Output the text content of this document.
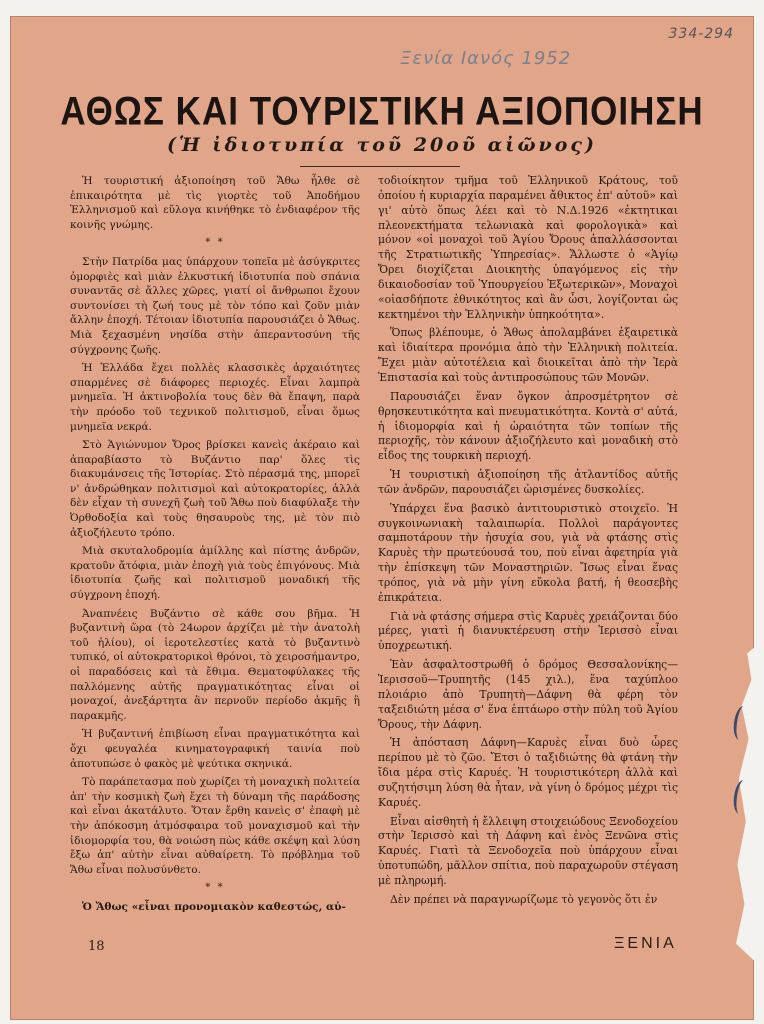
334-294
Ξενία Ιανός 1952
ΑΘΩΣ ΚΑΙ ΤΟΥΡΙΣΤΙΚΗ ΑΞΙΟΠΟΙΗΣΗ
(Ἡ ἰδιοτυπία τοῦ 20οῦ αἰῶνος)

Ἡ τουριστική ἀξιοποίηση τοῦ Ἄθω ἦλθε σὲ ἐπικαιρότητα μὲ τὶς γιορτὲς τοῦ Ἀποδήμου Ἑλληνισμοῦ καὶ εὔλογα κινήθηκε τὸ ἐνδιαφέρον τῆς κοινῆς γνώμης.

* *

Στὴν Πατρίδα μας ὑπάρχουν τοπεῖα μὲ ἀσύγκριτες ὀμορφιὲς καὶ μιὰν ἑλκυστική ἰδιοτυπία ποὺ σπάνια συναντᾶς σὲ ἄλλες χῶρες, γιατί οἱ ἄνθρωποι ἔχουν συντονίσει τὴ ζωή τους μὲ τὸν τόπο καὶ ζοῦν μιὰν ἄλλην ἐποχή. Τέτοιαν ἰδιοτυπία παρουσιάζει ὁ Ἄθως. Μιὰ ξεχασμένη νησίδα στὴν ἀπεραντοσύνη τῆς σύγχρονης ζωῆς.

Ἡ Ἑλλάδα ἔχει πολλὲς κλασσικὲς ἀρχαιότητες σπαρμένες σὲ διάφορες περιοχές. Εἶναι λαμπρὰ μνημεῖα. Ἡ ἀκτινοβολία τους δὲν θὰ ἔπαψη, παρὰ τὴν πρόοδο τοῦ τεχνικοῦ πολιτισμοῦ, εἶναι ὅμως μνημεῖα νεκρά.

Στὸ Ἁγιώνυμον Ὄρος βρίσκει κανεὶς ἀκέραιο καὶ ἀπαραβίαστο τὸ Βυζάντιο παρ' ὅλες τὶς διακυμάνσεις τῆς Ἱστορίας. Στὸ πέρασμά της, μπορεῖ ν' ἀνδρώθηκαν πολιτισμοὶ καὶ αὐτοκρατορίες, ἀλλὰ δὲν εἶχαν τὴ συνεχῆ ζωὴ τοῦ Ἄθω ποὺ διαφύλαξε τὴν Ὀρθοδοξία καὶ τοὺς θησαυροὺς της, μὲ τὸν πιὸ ἀξιοζήλευτο τρόπο.

Μιὰ σκυταλοδρομία ἁμίλλης καὶ πίστης ἀνδρῶν, κρατοῦν ἄτόφια, μιὰν ἐποχὴ γιὰ τοὺς ἐπιγόνους. Μιὰ ἰδιοτυπία ζωῆς καὶ πολιτισμοῦ μοναδική τῆς σύγχρονη ἐποχή.

Ἀναπνέεις Βυζάντιο σὲ κάθε σου βῆμα. Ἡ βυζαντινὴ ὥρα (τὸ 24ωρον ἀρχίζει μὲ τὴν ἀνατολὴ τοῦ ἡλίου), οἱ ἱεροτελεστίες κατὰ τὸ βυζαντινὸ τυπικό, οἱ αὐτοκρατορικοὶ θρόνοι, τὸ χειροσήμαντρο, οἱ παραδόσεις καὶ τὰ ἔθιμα. Θεματοφύλακες τῆς παλλόμενης αὐτῆς πραγματικότητας εἶναι οἱ μοναχοί, ἀνεξάρτητα ἂν περνοῦν περίοδο ἀκμῆς ἢ παρακμῆς.

Ἡ βυζαντινή ἐπιβίωση εἶναι πραγματικότητα καὶ ὄχι φευγαλέα κινηματογραφική ταινία ποὺ ἀποτυπώσε ὁ φακὸς μὲ ψεύτικα σκηνικά.

Τὸ παράπετασμα ποὺ χωρίζει τὴ μοναχικὴ πολιτεία ἀπ' τὴν κοσμικὴ ζωὴ ἔχει τὴ δύναμη τῆς παράδοσης καὶ εἶναι ἀκατάλυτο. Ὅταν ἔρθη κανεὶς σ' ἐπαφὴ μὲ τὴν ἀπόκοσμη ἀτμόσφαιρα τοῦ μοναχισμοῦ καὶ τὴν ἰδιομορφία του, θὰ νοιώση πὼς κάθε σκέψη καὶ λύση ἔξω ἀπ' αὐτὴν εἶναι αὐθαίρετη. Τὸ πρόβλημα τοῦ Ἄθω εἶναι πολυσύνθετο.

* *

Ὁ Ἄθως «εἶναι προνομιακὸν καθεστώς, αὐ-

τοδιοίκητον τμῆμα τοῦ Ἑλληνικοῦ Κράτους, τοῦ ὁποίου ἡ κυριαρχία παραμένει ἄθικτος ἐπ' αὐτοῦ» καὶ γι' αὐτὸ ὅπως λέει καὶ τὸ Ν.Δ.1926 «ἐκτητικαι πλεονεκτήματα τελωνιακὰ καὶ φορολογικὰ» καὶ μόνον «οἱ μοναχοὶ τοῦ Ἁγίου Ὄρους ἀπαλλάσσονται τῆς Στρατιωτικῆς Ὑπηρεσίας». Ἄλλωστε ὁ «Ἁγίῳ Ὄρει διοχίζεται Διοικητὴς ὑπαγόμενος εἰς τὴν δικαιοδοσίαν τοῦ Ὑπουργείου Ἐξωτερικῶν», Μοναχοὶ «οἱασδήποτε ἐθνικότητος καὶ ἂν ὦσι, λογίζονται ὡς κεκτημένοι τὴν Ἑλληνικὴν ὑπηκοότητα».

Ὅπως βλέπουμε, ὁ Ἄθως ἀπολαμβάνει ἐξαιρετικὰ καὶ ἰδιαίτερα προνόμια ἀπὸ τὴν Ἑλληνικὴ πολιτεία. Ἔχει μιὰν αὐτοτέλεια καὶ διοικεῖται ἀπὸ τὴν Ἱερὰ Ἐπιστασία καὶ τοὺς ἀντιπροσώπους τῶν Μονῶν.

Παρουσιάζει ἕναν ὄγκον ἀπροσμέτρητον σὲ θρησκευτικότητα καὶ πνευματικότητα. Κοντὰ σ' αὐτά, ἡ ἰδιομορφία καὶ ἡ ὡραιότητα τῶν τοπίων τῆς περιοχῆς, τὸν κάνουν ἀξιοζήλευτο καὶ μοναδικὴ στὸ εἶδος της τουρκικὴ περιοχή.

Ἡ τουριστικὴ ἀξιοποίηση τῆς ἀτλαντίδος αὐτῆς τῶν ἀνδρῶν, παρουσιάζει ὡρισμένες δυσκολίες.

Ὑπάρχει ἕνα βασικὸ ἀντιτουριστικὸ στοιχεῖο. Ἡ συγκοινωνιακὴ ταλαιπωρία. Πολλοὶ παράγοντες σαμποτάρουν τὴν ἡσυχία σου, γιὰ νὰ φτάσης στὶς Καρυὲς τὴν πρωτεύουσά του, ποὺ εἶναι ἀφετηρία γιὰ τὴν ἐπίσκεψη τῶν Μοναστηριῶν. Ἴσως εἶναι ἕνας τρόπος, γιὰ νὰ μὴν γίνη εὔκολα βατή, ἡ θεοσεβὴς ἐπικράτεια.

Γιὰ νὰ φτάσης σήμερα στὶς Καρυὲς χρειάζονται δύο μέρες, γιατὶ ἡ διανυκτέρευση στὴν Ἱερισσὸ εἶναι ὑποχρεωτική.

Ἐὰν ἀσφαλτοστρωθῆ ὁ δρόμος Θεσσαλονίκης—Ἱερισσοῦ—Τρυπητῆς (145 χιλ.), ἕνα ταχύπλοο πλοιάριο ἀπὸ Τρυπητὴ—Δάφνη θὰ φέρη τὸν ταξειδιώτη μέσα σ' ἕνα ἑπτάωρο στὴν πύλη τοῦ Ἁγίου Ὄρους, τὴν Δάφνη.

Ἡ ἀπόσταση Δάφνη—Καρυὲς εἶναι δυὸ ὧρες περίπου μὲ τὸ ζῶο. Ἔτσι ὁ ταξιδιώτης θὰ φτάνη τὴν ἴδια μέρα στὶς Καρυές. Ἡ τουριστικότερη ἀλλὰ καὶ συζητήσιμη λύση θὰ ἦταν, νὰ γίνη ὁ δρόμος μέχρι τὶς Καρυές.

Εἶναι αἰσθητὴ ἡ ἔλλειψη στοιχειώδους Ξενοδοχείου στὴν Ἱερισσὸ καὶ τὴ Δάφνη καὶ ἑνὸς Ξενῶνα στὶς Καρυές. Γιατὶ τὰ Ξενοδοχεῖα ποὺ ὑπάρχουν εἶναι ὑποτυπώδη, μᾶλλον σπίτια, ποὺ παραχωροῦν στέγαση μὲ πληρωμή.

Δὲν πρέπει νὰ παραγνωρίζωμε τὸ γεγονὸς ὅτι ἐν

18	ΞΕΝΙΑ
